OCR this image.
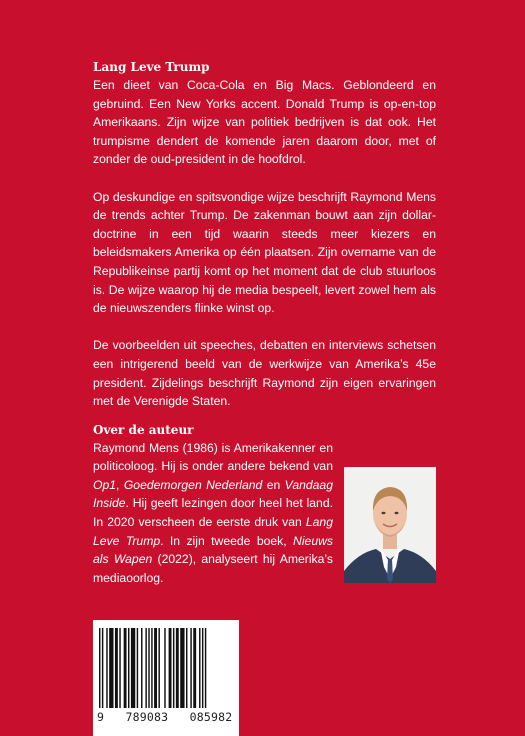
Lang Leve Trump

Een dieet van Coca-Cola en Big Macs. Geblondeerd en gebruind. Een New Yorks accent. Donald Trump is op-en-top Amerikaans. Zijn wijze van politiek bedrijven is dat ook. Het trumpisme dendert de komende jaren daarom door, met of zonder de oud-president in de hoofdrol.

Op deskundige en spitsvondige wijze beschrijft Raymond Mens de trends achter Trump. De zakenman bouwt aan zijn dollardoctrine in een tijd waarin steeds meer kiezers en beleidsmakers Amerika op één plaatsen. Zijn overname van de Republikeinse partij komt op het moment dat de club stuurloos is. De wijze waarop hij de media bespeelt, levert zowel hem als de nieuwszenders flinke winst op.

De voorbeelden uit speeches, debatten en interviews schetsen een intrigerend beeld van de werkwijze van Amerika’s 45e president. Zijdelings beschrijft Raymond zijn eigen ervaringen met de Verenigde Staten.

Over de auteur

Raymond Mens (1986) is Amerikakenner en politicoloog. Hij is onder andere bekend van Op1, Goedemorgen Nederland en Vandaag Inside. Hij geeft lezingen door heel het land. In 2020 verscheen de eerste druk van Lang Leve Trump. In zijn tweede boek, Nieuws als Wapen (2022), analyseert hij Amerika’s mediaoorlog.

9   789083   085982
